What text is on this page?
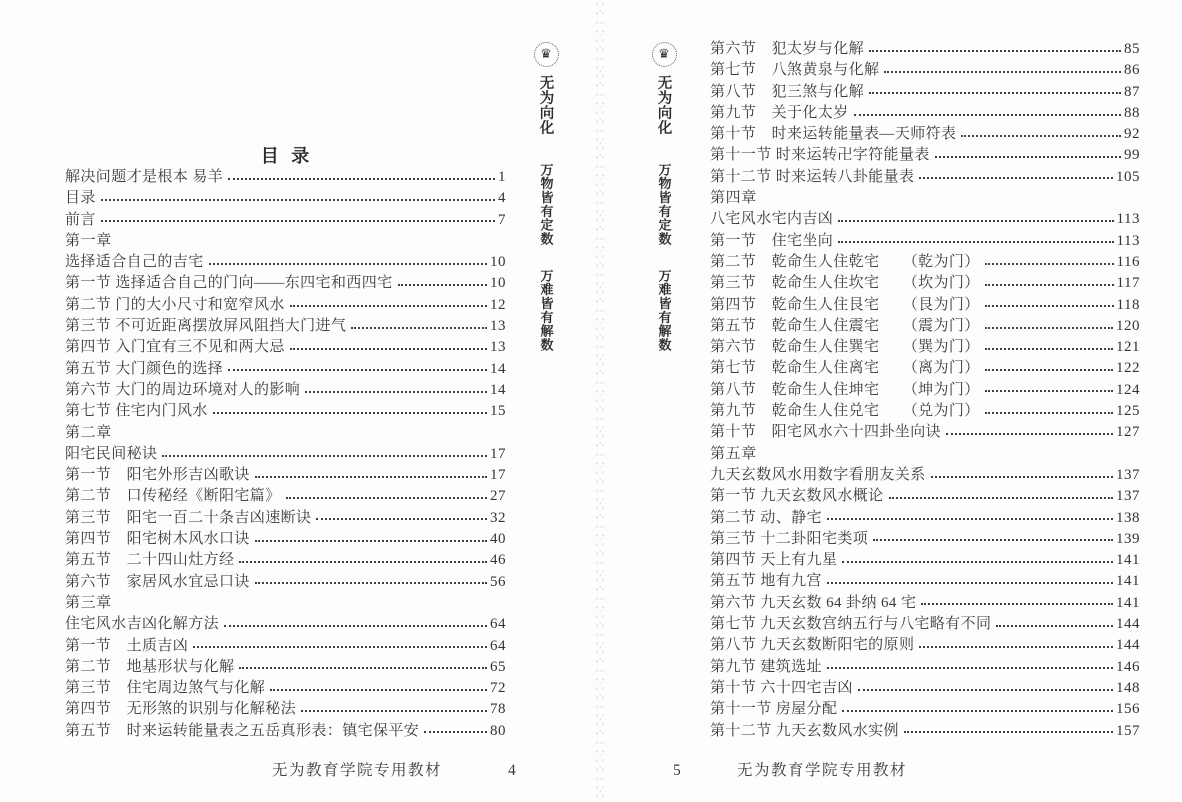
目 录
解决问题才是根本 易羊	1
目录	4
前言	7
第一章
选择适合自己的吉宅	10
第一节 选择适合自己的门向——东四宅和西四宅	10
第二节 门的大小尺寸和宽窄风水	12
第三节 不可近距离摆放屏风阻挡大门进气	13
第四节 入门宜有三不见和两大忌	13
第五节 大门颜色的选择	14
第六节 大门的周边环境对人的影响	14
第七节 住宅内门风水	15
第二章
阳宅民间秘诀	17
第一节　阳宅外形吉凶歌诀	17
第二节　口传秘经《断阳宅篇》	27
第三节　阳宅一百二十条吉凶速断诀	32
第四节　阳宅树木风水口诀	40
第五节　二十四山灶方经	46
第六节　家居风水宜忌口诀	56
第三章
住宅风水吉凶化解方法	64
第一节　土质吉凶	64
第二节　地基形状与化解	65
第三节　住宅周边煞气与化解	72
第四节　无形煞的识别与化解秘法	78
第五节　时来运转能量表之五岳真形表：镇宅保平安	80
第六节　犯太岁与化解	85
第七节　八煞黄泉与化解	86
第八节　犯三煞与化解	87
第九节　关于化太岁	88
第十节　时来运转能量表—天师符表	92
第十一节 时来运转卍字符能量表	99
第十二节 时来运转八卦能量表	105
第四章
八宅风水宅内吉凶	113
第一节　住宅坐向	113
第二节　乾命生人住乾宅　　（乾为门）	116
第三节　乾命生人住坎宅　　（坎为门）	117
第四节　乾命生人住艮宅　　（艮为门）	118
第五节　乾命生人住震宅　　（震为门）	120
第六节　乾命生人住巽宅　　（巽为门）	121
第七节　乾命生人住离宅　　（离为门）	122
第八节　乾命生人住坤宅　　（坤为门）	124
第九节　乾命生人住兑宅　　（兑为门）	125
第十节　阳宅风水六十四卦坐向诀	127
第五章
九天玄数风水用数字看朋友关系	137
第一节 九天玄数风水概论	137
第二节 动、静宅	138
第三节 十二卦阳宅类项	139
第四节 天上有九星	141
第五节 地有九宫	141
第六节 九天玄数 64 卦纳 64 宅	141
第七节 九天玄数宫纳五行与八宅略有不同	144
第八节 九天玄数断阳宅的原则	144
第九节 建筑选址	146
第十节 六十四宅吉凶	148
第十一节 房屋分配	156
第十二节 九天玄数风水实例	157
♛
无为向化
万物皆有定数
万难皆有解数
♛
无为向化
万物皆有定数
万难皆有解数
无为教育学院专用教材	4	5	无为教育学院专用教材
